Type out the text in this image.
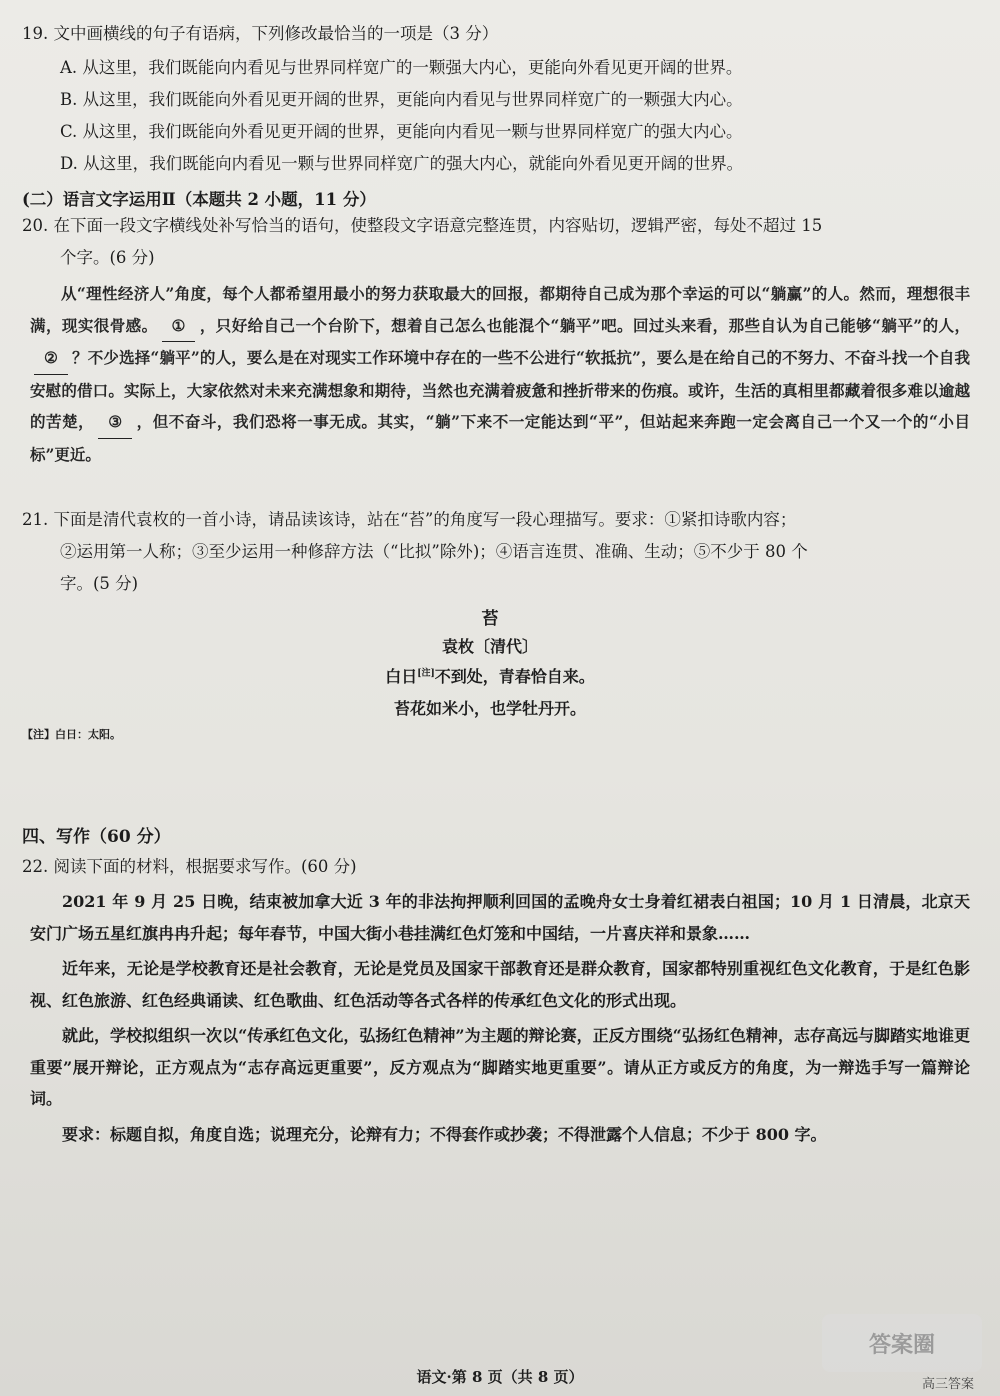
19. 文中画横线的句子有语病，下列修改最恰当的一项是（3 分）
A. 从这里，我们既能向内看见与世界同样宽广的一颗强大内心，更能向外看见更开阔的世界。
B. 从这里，我们既能向外看见更开阔的世界，更能向内看见与世界同样宽广的一颗强大内心。
C. 从这里，我们既能向外看见更开阔的世界，更能向内看见一颗与世界同样宽广的强大内心。
D. 从这里，我们既能向内看见一颗与世界同样宽广的强大内心，就能向外看见更开阔的世界。
(二）语言文字运用Ⅱ（本题共 2 小题，11 分）
20. 在下面一段文字横线处补写恰当的语句，使整段文字语意完整连贯，内容贴切，逻辑严密，每处不超过 15
个字。(6 分)

从“理性经济人”角度，每个人都希望用最小的努力获取最大的回报，都期待自己成为那个幸运的可以“躺赢”的人。然而，理想很丰满，现实很骨感。 ① ，只好给自己一个台阶下，想着自己怎么也能混个“躺平”吧。回过头来看，那些自认为自己能够“躺平”的人，② ？不少选择“躺平”的人，要么是在对现实工作环境中存在的一些不公进行“软抵抗”，要么是在给自己的不努力、不奋斗找一个自我安慰的借口。实际上，大家依然对未来充满想象和期待，当然也充满着疲惫和挫折带来的伤痕。或许，生活的真相里都藏着很多难以逾越的苦楚， ③ ，但不奋斗，我们恐将一事无成。其实，“躺”下来不一定能达到“平”，但站起来奔跑一定会离自己一个又一个的“小目标”更近。

21. 下面是清代袁枚的一首小诗，请品读该诗，站在“苔”的角度写一段心理描写。要求：①紧扣诗歌内容；
②运用第一人称；③至少运用一种修辞方法（“比拟”除外)；④语言连贯、准确、生动；⑤不少于 80 个
字。(5 分)
苔
袁枚〔清代〕
白日[注]不到处，青春恰自来。
苔花如米小，也学牡丹开。
【注】白日：太阳。
四、写作（60 分）
22. 阅读下面的材料，根据要求写作。(60 分)

2021 年 9 月 25 日晚，结束被加拿大近 3 年的非法拘押顺利回国的孟晚舟女士身着红裙表白祖国；10 月 1 日清晨，北京天安门广场五星红旗冉冉升起；每年春节，中国大街小巷挂满红色灯笼和中国结，一片喜庆祥和景象……

近年来，无论是学校教育还是社会教育，无论是党员及国家干部教育还是群众教育，国家都特别重视红色文化教育，于是红色影视、红色旅游、红色经典诵读、红色歌曲、红色活动等各式各样的传承红色文化的形式出现。

就此，学校拟组织一次以“传承红色文化，弘扬红色精神”为主题的辩论赛，正反方围绕“弘扬红色精神，志存高远与脚踏实地谁更重要”展开辩论，正方观点为“志存高远更重要”，反方观点为“脚踏实地更重要”。请从正方或反方的角度，为一辩选手写一篇辩论词。

要求：标题自拟，角度自选；说理充分，论辩有力；不得套作或抄袭；不得泄露个人信息；不少于 800 字。

语文·第 8 页（共 8 页）
答案圈
高三答案
